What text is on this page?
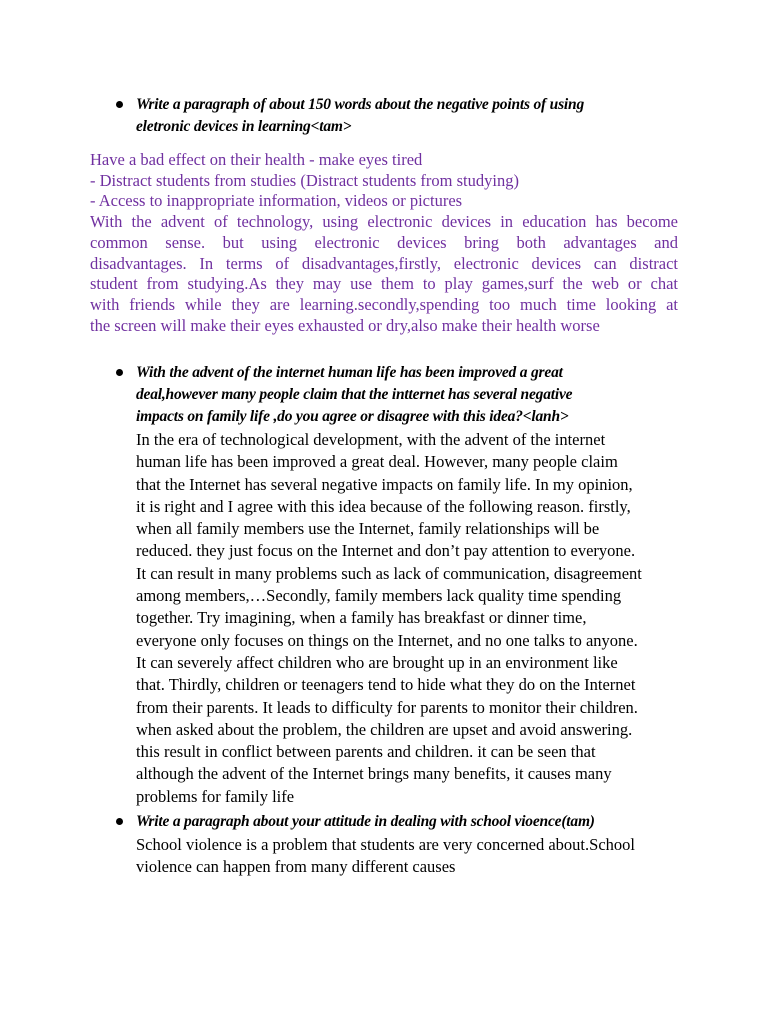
Write a paragraph of about 150 words about the negative points of using
eletronic devices in learning<tam>

Have a bad effect on their health - make eyes tired
- Distract students from studies (Distract students from studying)
- Access to inappropriate information, videos or pictures
With the advent of technology, using electronic devices in education has become
common sense. but using electronic devices bring both advantages and
disadvantages. In terms of disadvantages,firstly, electronic devices can distract
student from studying.As they may use them to play games,surf the web or chat
with friends while they are learning.secondly,spending too much time looking at
the screen will make their eyes exhausted or dry,also make their health worse

With the advent of the internet human life has been improved a great
deal,however many people claim that the intternet has several negative
impacts on family life ,do you agree or disagree with this idea?<lanh>

In the era of technological development, with the advent of the internet
human life has been improved a great deal. However, many people claim
that the Internet has several negative impacts on family life. In my opinion,
it is right and I agree with this idea because of the following reason. firstly,
when all family members use the Internet, family relationships will be
reduced. they just focus on the Internet and don’t pay attention to everyone.
It can result in many problems such as lack of communication, disagreement
among members,…Secondly, family members lack quality time spending
together. Try imagining, when a family has breakfast or dinner time,
everyone only focuses on things on the Internet, and no one talks to anyone.
It can severely affect children who are brought up in an environment like
that. Thirdly, children or teenagers tend to hide what they do on the Internet
from their parents. It leads to difficulty for parents to monitor their children.
when asked about the problem, the children are upset and avoid answering.
this result in conflict between parents and children. it can be seen that
although the advent of the Internet brings many benefits, it causes many
problems for family life

Write a paragraph about your attitude in dealing with school vioence(tam)

School violence is a problem that students are very concerned about.School
violence can happen from many different causes
